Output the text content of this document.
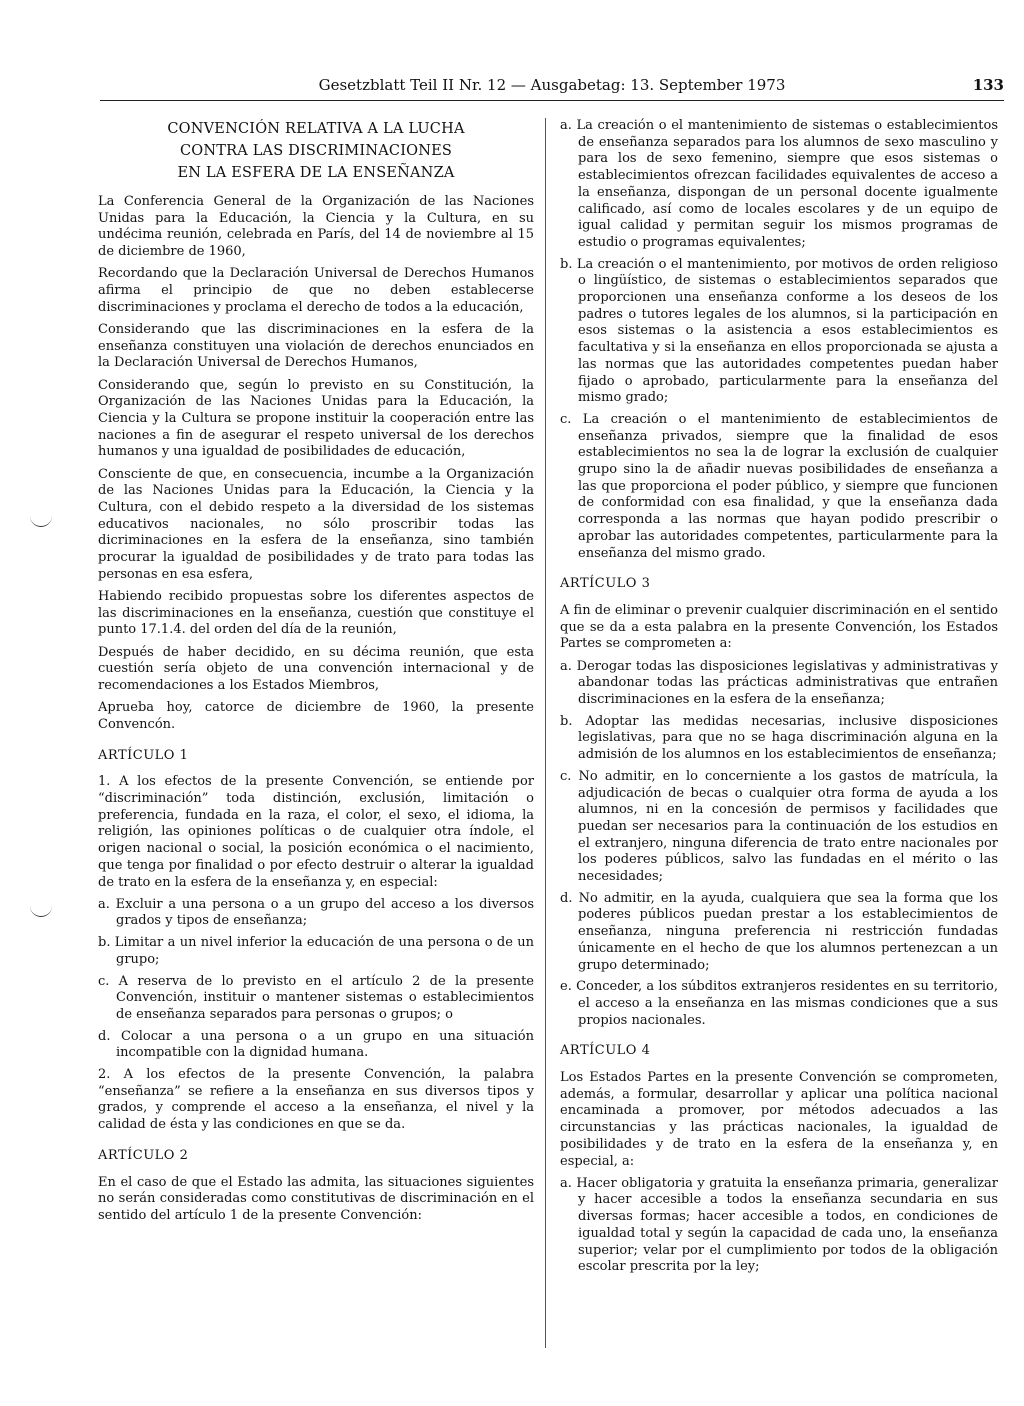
Gesetzblatt Teil II Nr. 12 — Ausgabetag: 13. September 1973	133
CONVENCIÓN RELATIVA A LA LUCHA
CONTRA LAS DISCRIMINACIONES
EN LA ESFERA DE LA ENSEÑANZA

La Conferencia General de la Organización de las Naciones Unidas para la Educación, la Ciencia y la Cultura, en su undécima reunión, celebrada en París, del 14 de noviembre al 15 de diciembre de 1960,

Recordando que la Declaración Universal de Derechos Humanos afirma el principio de que no deben establecerse discriminaciones y proclama el derecho de todos a la educación,

Considerando que las discriminaciones en la esfera de la enseñanza constituyen una violación de derechos enunciados en la Declaración Universal de Derechos Humanos,

Considerando que, según lo previsto en su Constitución, la Organización de las Naciones Unidas para la Educación, la Ciencia y la Cultura se propone instituir la cooperación entre las naciones a fin de asegurar el respeto universal de los derechos humanos y una igualdad de posibilidades de educación,

Consciente de que, en consecuencia, incumbe a la Organización de las Naciones Unidas para la Educación, la Ciencia y la Cultura, con el debido respeto a la diversidad de los sistemas educativos nacionales, no sólo proscribir todas las dicriminaciones en la esfera de la enseñanza, sino también procurar la igualdad de posibilidades y de trato para todas las personas en esa esfera,

Habiendo recibido propuestas sobre los diferentes aspectos de las discriminaciones en la enseñanza, cuestión que constituye el punto 17.1.4. del orden del día de la reunión,

Después de haber decidido, en su décima reunión, que esta cuestión sería objeto de una convención internacional y de recomendaciones a los Estados Miembros,

Aprueba hoy, catorce de diciembre de 1960, la presente Convencón.

ARTÍCULO 1

1. A los efectos de la presente Convención, se entiende por “discriminación” toda distinción, exclusión, limitación o preferencia, fundada en la raza, el color, el sexo, el idioma, la religión, las opiniones políticas o de cualquier otra índole, el origen nacional o social, la posición económica o el nacimiento, que tenga por finalidad o por efecto destruir o alterar la igualdad de trato en la esfera de la enseñanza y, en especial:

a. Excluir a una persona o a un grupo del acceso a los diversos grados y tipos de enseñanza;

b. Limitar a un nivel inferior la educación de una persona o de un grupo;

c. A reserva de lo previsto en el artículo 2 de la presente Convención, instituir o mantener sistemas o establecimientos de enseñanza separados para personas o grupos; o

d. Colocar a una persona o a un grupo en una situación incompatible con la dignidad humana.

2. A los efectos de la presente Convención, la palabra “enseñanza” se refiere a la enseñanza en sus diversos tipos y grados, y comprende el acceso a la enseñanza, el nivel y la calidad de ésta y las condiciones en que se da.

ARTÍCULO 2

En el caso de que el Estado las admita, las situaciones siguientes no serán consideradas como constitutivas de discriminación en el sentido del artículo 1 de la presente Convención:

a. La creación o el mantenimiento de sistemas o establecimientos de enseñanza separados para los alumnos de sexo masculino y para los de sexo femenino, siempre que esos sistemas o establecimientos ofrezcan facilidades equivalentes de acceso a la enseñanza, dispongan de un personal docente igualmente calificado, así como de locales escolares y de un equipo de igual calidad y permitan seguir los mismos programas de estudio o programas equivalentes;

b. La creación o el mantenimiento, por motivos de orden religioso o lingüístico, de sistemas o establecimientos separados que proporcionen una enseñanza conforme a los deseos de los padres o tutores legales de los alumnos, si la participación en esos sistemas o la asistencia a esos establecimientos es facultativa y si la enseñanza en ellos proporcionada se ajusta a las normas que las autoridades competentes puedan haber fijado o aprobado, particularmente para la enseñanza del mismo grado;

c. La creación o el mantenimiento de establecimientos de enseñanza privados, siempre que la finalidad de esos establecimientos no sea la de lograr la exclusión de cualquier grupo sino la de añadir nuevas posibilidades de enseñanza a las que proporciona el poder público, y siempre que funcionen de conformidad con esa finalidad, y que la enseñanza dada corresponda a las normas que hayan podido prescribir o aprobar las autoridades competentes, particularmente para la enseñanza del mismo grado.

ARTÍCULO 3

A fin de eliminar o prevenir cualquier discriminación en el sentido que se da a esta palabra en la presente Convención, los Estados Partes se comprometen a:

a. Derogar todas las disposiciones legislativas y administrativas y abandonar todas las prácticas administrativas que entrañen discriminaciones en la esfera de la enseñanza;

b. Adoptar las medidas necesarias, inclusive disposiciones legislativas, para que no se haga discriminación alguna en la admisión de los alumnos en los establecimientos de enseñanza;

c. No admitir, en lo concerniente a los gastos de matrícula, la adjudicación de becas o cualquier otra forma de ayuda a los alumnos, ni en la concesión de permisos y facilidades que puedan ser necesarios para la continuación de los estudios en el extranjero, ninguna diferencia de trato entre nacionales por los poderes públicos, salvo las fundadas en el mérito o las necesidades;

d. No admitir, en la ayuda, cualquiera que sea la forma que los poderes públicos puedan prestar a los establecimientos de enseñanza, ninguna preferencia ni restricción fundadas únicamente en el hecho de que los alumnos pertenezcan a un grupo determinado;

e. Conceder, a los súbditos extranjeros residentes en su territorio, el acceso a la enseñanza en las mismas condiciones que a sus propios nacionales.

ARTÍCULO 4

Los Estados Partes en la presente Convención se comprometen, además, a formular, desarrollar y aplicar una política nacional encaminada a promover, por métodos adecuados a las circunstancias y las prácticas nacionales, la igualdad de posibilidades y de trato en la esfera de la enseñanza y, en especial, a:

a. Hacer obligatoria y gratuita la enseñanza primaria, generalizar y hacer accesible a todos la enseñanza secundaria en sus diversas formas; hacer accesible a todos, en condiciones de igualdad total y según la capacidad de cada uno, la enseñanza superior; velar por el cumplimiento por todos de la obligación escolar prescrita por la ley;
